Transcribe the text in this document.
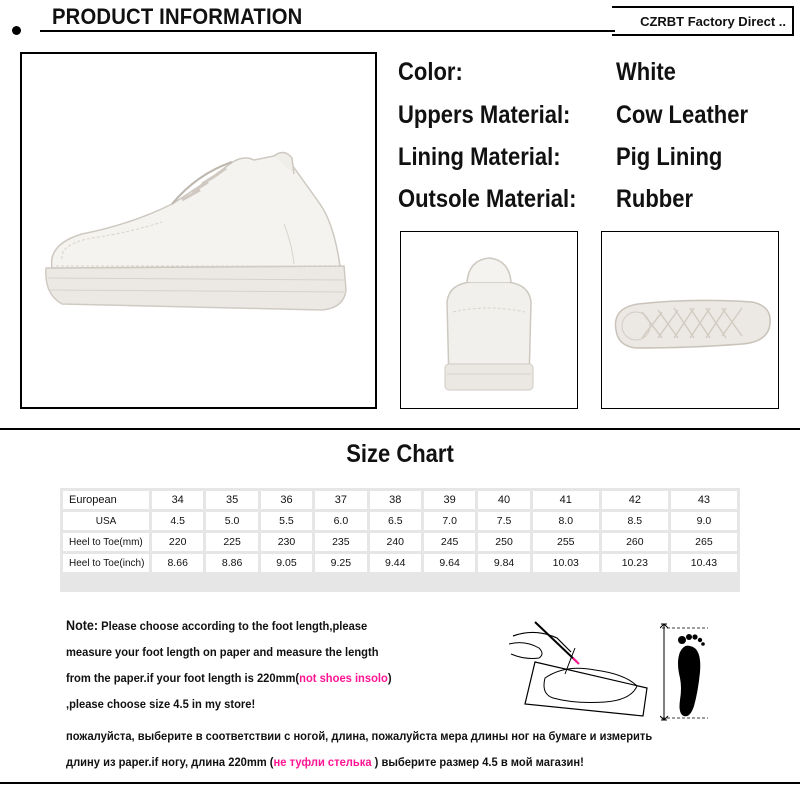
PRODUCT INFORMATION	CZRBT Factory Direct ..
Color:	White
Uppers Material: Cow Leather
Lining Material: Pig Lining
Outsole Material: Rubber
Size Chart
European	34	35	36	37	38	39	40	41	42	43
USA	4.5	5.0	5.5	6.0	6.5	7.0	7.5	8.0	8.5	9.0
Heel to Toe(mm)	220	225	230	235	240	245	250	255	260	265
Heel to Toe(inch)	8.66	8.86	9.05	9.25	9.44	9.64	9.84	10.03	10.23	10.43
Note: Please choose according to the foot length,please
measure your foot length on paper and measure the length
from the paper.if your foot length is 220mm(not shoes insolo)
,please choose size 4.5 in my store!
пожалуйста, выберите в соответствии с ногой, длина, пожалуйста мера длины ног на бумаге и измерить
длину из paper.if ногу, длина 220mm (не туфли стелька ) выберите размер 4.5 в мой магазин!
